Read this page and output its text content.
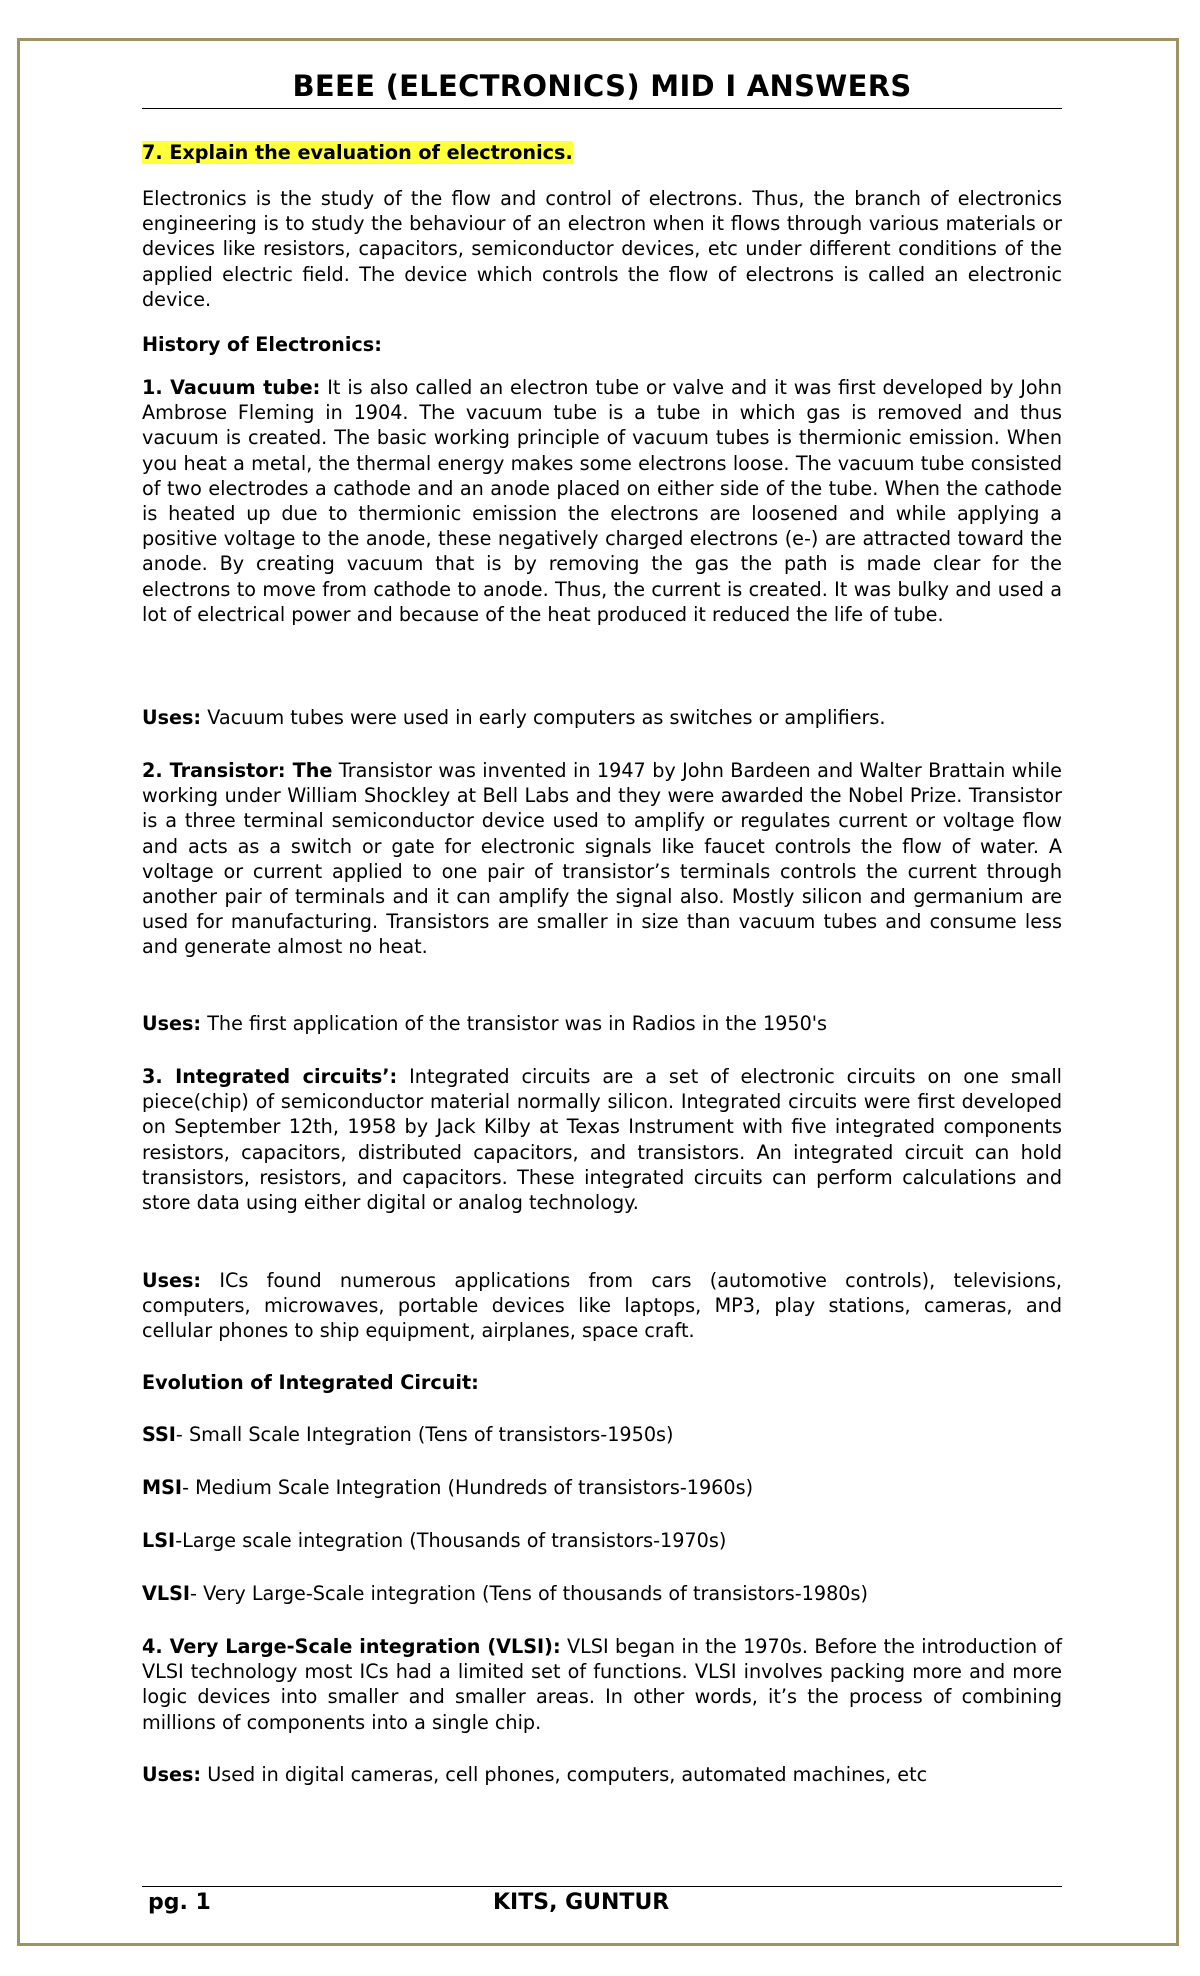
BEEE (ELECTRONICS) MID I ANSWERS
7. Explain the evaluation of electronics.

Electronics is the study of the flow and control of electrons. Thus, the branch of electronics engineering is to study the behaviour of an electron when it flows through various materials or devices like resistors, capacitors, semiconductor devices, etc under different conditions of the applied electric field. The device which controls the flow of electrons is called an electronic device.

History of Electronics:

1. Vacuum tube: It is also called an electron tube or valve and it was first developed by John Ambrose Fleming in 1904. The vacuum tube is a tube in which gas is removed and thus vacuum is created. The basic working principle of vacuum tubes is thermionic emission. When you heat a metal, the thermal energy makes some electrons loose. The vacuum tube consisted of two electrodes a cathode and an anode placed on either side of the tube. When the cathode is heated up due to thermionic emission the electrons are loosened and while applying a positive voltage to the anode, these negatively charged electrons (e-) are attracted toward the anode. By creating vacuum that is by removing the gas the path is made clear for the electrons to move from cathode to anode. Thus, the current is created. It was bulky and used a lot of electrical power and because of the heat produced it reduced the life of tube.

Uses: Vacuum tubes were used in early computers as switches or amplifiers.

2. Transistor: The Transistor was invented in 1947 by John Bardeen and Walter Brattain while working under William Shockley at Bell Labs and they were awarded the Nobel Prize. Transistor is a three terminal semiconductor device used to amplify or regulates current or voltage flow and acts as a switch or gate for electronic signals like faucet controls the flow of water. A voltage or current applied to one pair of transistor’s terminals controls the current through another pair of terminals and it can amplify the signal also. Mostly silicon and germanium are used for manufacturing. Transistors are smaller in size than vacuum tubes and consume less and generate almost no heat.

Uses: The first application of the transistor was in Radios in the 1950's

3. Integrated circuits’: Integrated circuits are a set of electronic circuits on one small piece(chip) of semiconductor material normally silicon. Integrated circuits were first developed on September 12th, 1958 by Jack Kilby at Texas Instrument with five integrated components resistors, capacitors, distributed capacitors, and transistors. An integrated circuit can hold transistors, resistors, and capacitors. These integrated circuits can perform calculations and store data using either digital or analog technology.

Uses: ICs found numerous applications from cars (automotive controls), televisions, computers, microwaves, portable devices like laptops, MP3, play stations, cameras, and cellular phones to ship equipment, airplanes, space craft.

Evolution of Integrated Circuit:
SSI- Small Scale Integration (Tens of transistors-1950s)
MSI- Medium Scale Integration (Hundreds of transistors-1960s)
LSI-Large scale integration (Thousands of transistors-1970s)
VLSI- Very Large-Scale integration (Tens of thousands of transistors-1980s)

4. Very Large-Scale integration (VLSI): VLSI began in the 1970s. Before the introduction of VLSI technology most ICs had a limited set of functions. VLSI involves packing more and more logic devices into smaller and smaller areas. In other words, it’s the process of combining millions of components into a single chip.

Uses: Used in digital cameras, cell phones, computers, automated machines, etc

pg. 1	KITS, GUNTUR
